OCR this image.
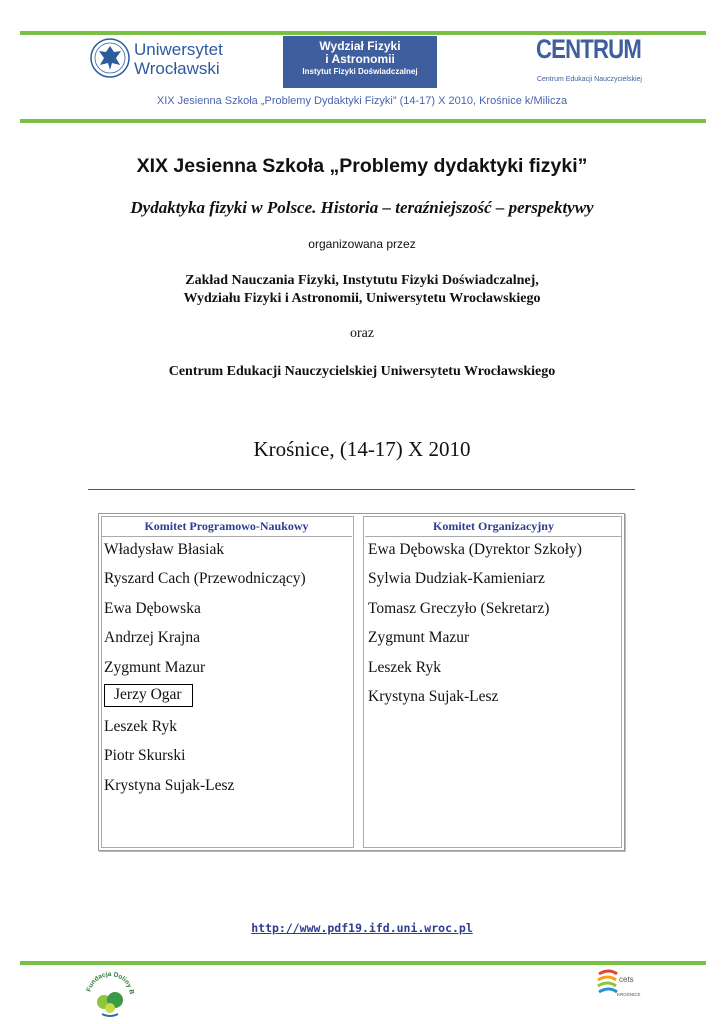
Uniwersytet
Wrocławski
Wydział Fizyki
i Astronomii
Instytut Fizyki Doświadczalnej
CENTRUM
Centrum Edukacji Nauczycielskiej
XIX Jesienna Szkoła „Problemy Dydaktyki Fizyki” (14-17) X 2010, Krośnice k/Milicza
XIX Jesienna Szkoła „Problemy dydaktyki fizyki”
Dydaktyka fizyki w Polsce. Historia – teraźniejszość – perspektywy
organizowana przez
Zakład Nauczania Fizyki, Instytutu Fizyki Doświadczalnej,
Wydziału Fizyki i Astronomii, Uniwersytetu Wrocławskiego
oraz
Centrum Edukacji Nauczycielskiej Uniwersytetu Wrocławskiego
Krośnice, (14-17) X 2010
Komitet Programowo-Naukowy
Władysław Błasiak
Ryszard Cach (Przewodniczący)
Ewa Dębowska
Andrzej Krajna
Zygmunt Mazur
Jerzy Ogar
Leszek Ryk
Piotr Skurski
Krystyna Sujak-Lesz
Komitet Organizacyjny
Ewa Dębowska (Dyrektor Szkoły)
Sylwia Dudziak-Kamieniarz
Tomasz Greczyło (Sekretarz)
Zygmunt Mazur
Leszek Ryk
Krystyna Sujak-Lesz
http://www.pdf19.ifd.uni.wroc.pl
Fundacja Doliny B
cets
KROŚNICE
